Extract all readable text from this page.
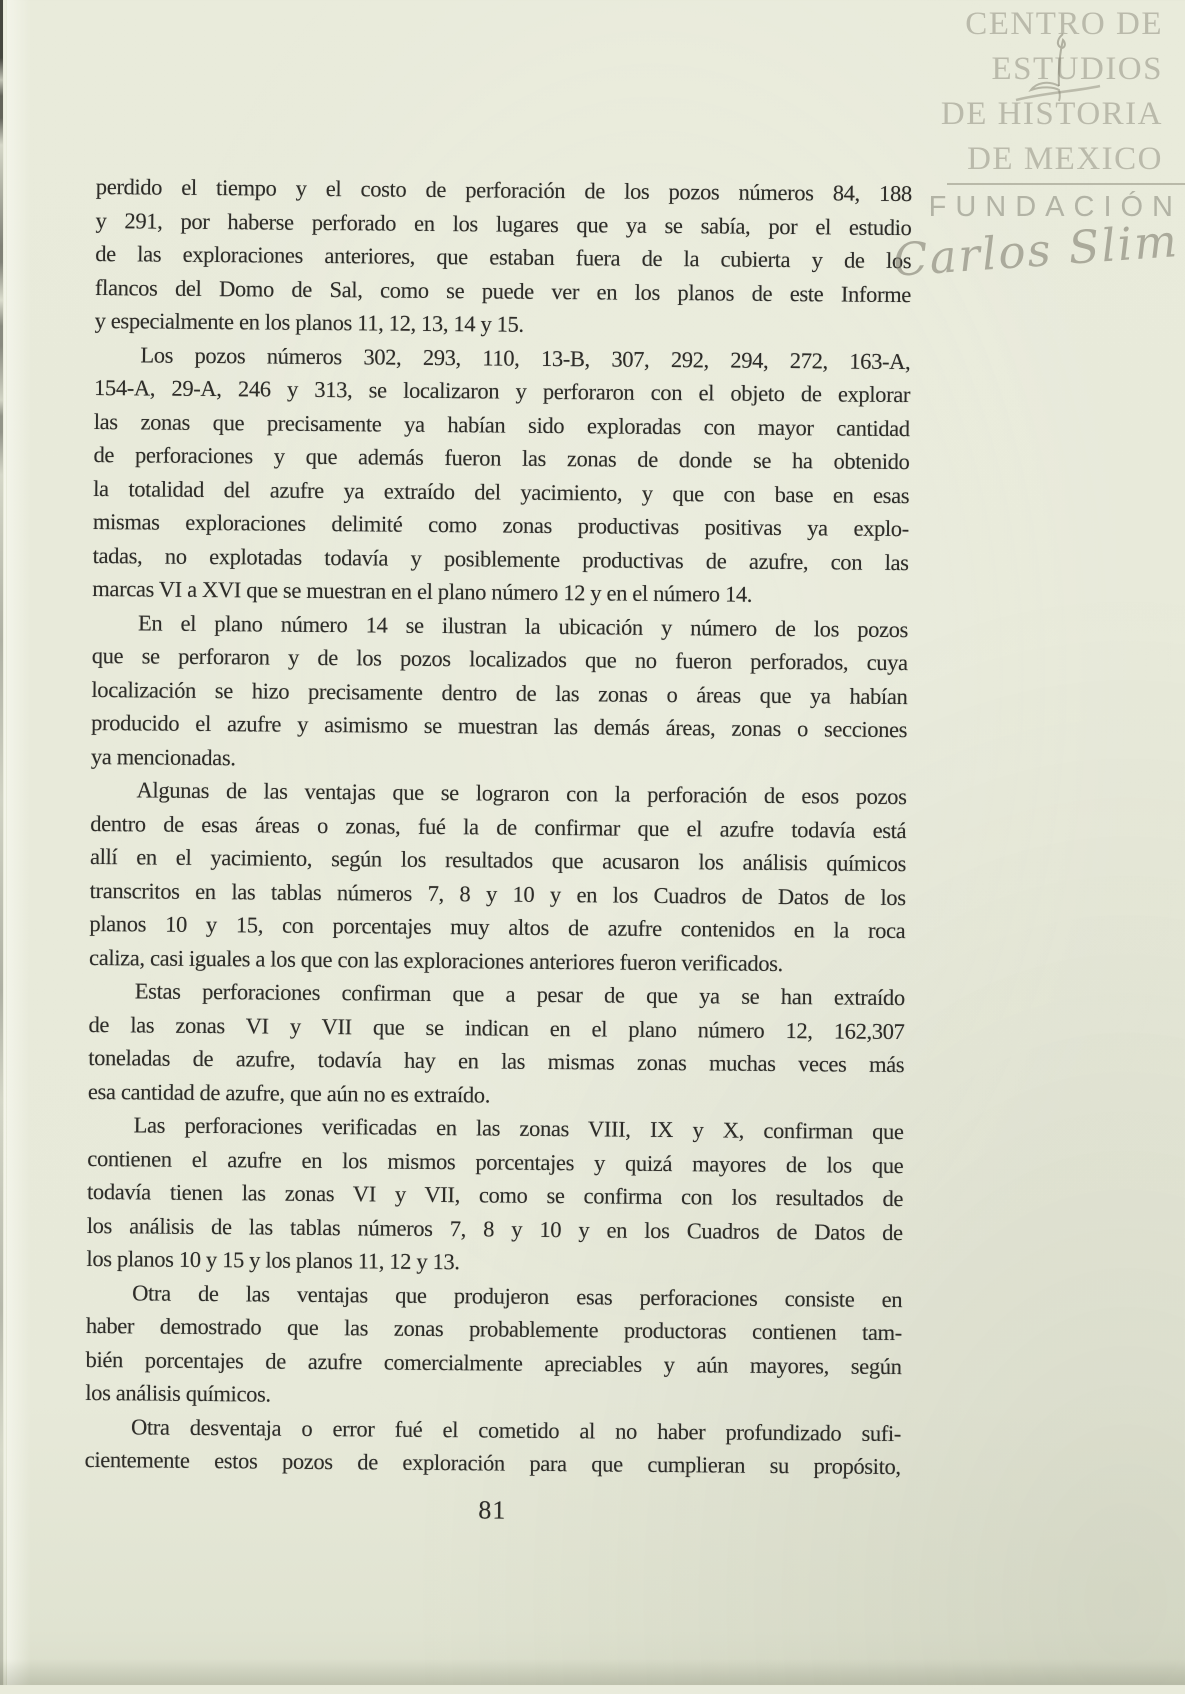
perdido el tiempo y el costo de perforación de los pozos números 84, 188
y 291, por haberse perforado en los lugares que ya se sabía, por el estudio
de las exploraciones anteriores, que estaban fuera de la cubierta y de los
flancos del Domo de Sal, como se puede ver en los planos de este Informe
y especialmente en los planos 11, 12, 13, 14 y 15.
Los pozos números 302, 293, 110, 13-B, 307, 292, 294, 272, 163-A,
154-A, 29-A, 246 y 313, se localizaron y perforaron con el objeto de explorar
las zonas que precisamente ya habían sido exploradas con mayor cantidad
de perforaciones y que además fueron las zonas de donde se ha obtenido
la totalidad del azufre ya extraído del yacimiento, y que con base en esas
mismas exploraciones delimité como zonas productivas positivas ya explo-
tadas, no explotadas todavía y posiblemente productivas de azufre, con las
marcas VI a XVI que se muestran en el plano número 12 y en el número 14.
En el plano número 14 se ilustran la ubicación y número de los pozos
que se perforaron y de los pozos localizados que no fueron perforados, cuya
localización se hizo precisamente dentro de las zonas o áreas que ya habían
producido el azufre y asimismo se muestran las demás áreas, zonas o secciones
ya mencionadas.
Algunas de las ventajas que se lograron con la perforación de esos pozos
dentro de esas áreas o zonas, fué la de confirmar que el azufre todavía está
allí en el yacimiento, según los resultados que acusaron los análisis químicos
transcritos en las tablas números 7, 8 y 10 y en los Cuadros de Datos de los
planos 10 y 15, con porcentajes muy altos de azufre contenidos en la roca
caliza, casi iguales a los que con las exploraciones anteriores fueron verificados.
Estas perforaciones confirman que a pesar de que ya se han extraído
de las zonas VI y VII que se indican en el plano número 12, 162,307
toneladas de azufre, todavía hay en las mismas zonas muchas veces más
esa cantidad de azufre, que aún no es extraído.
Las perforaciones verificadas en las zonas VIII, IX y X, confirman que
contienen el azufre en los mismos porcentajes y quizá mayores de los que
todavía tienen las zonas VI y VII, como se confirma con los resultados de
los análisis de las tablas números 7, 8 y 10 y en los Cuadros de Datos de
los planos 10 y 15 y los planos 11, 12 y 13.
Otra de las ventajas que produjeron esas perforaciones consiste en
haber demostrado que las zonas probablemente productoras contienen tam-
bién porcentajes de azufre comercialmente apreciables y aún mayores, según
los análisis químicos.
Otra desventaja o error fué el cometido al no haber profundizado sufi-
cientemente estos pozos de exploración para que cumplieran su propósito,
81
CENTRO DE
ESTUDIOS
DE HISTORIA
DE MEXICO
FUNDACIÓN
Carlos Slim
